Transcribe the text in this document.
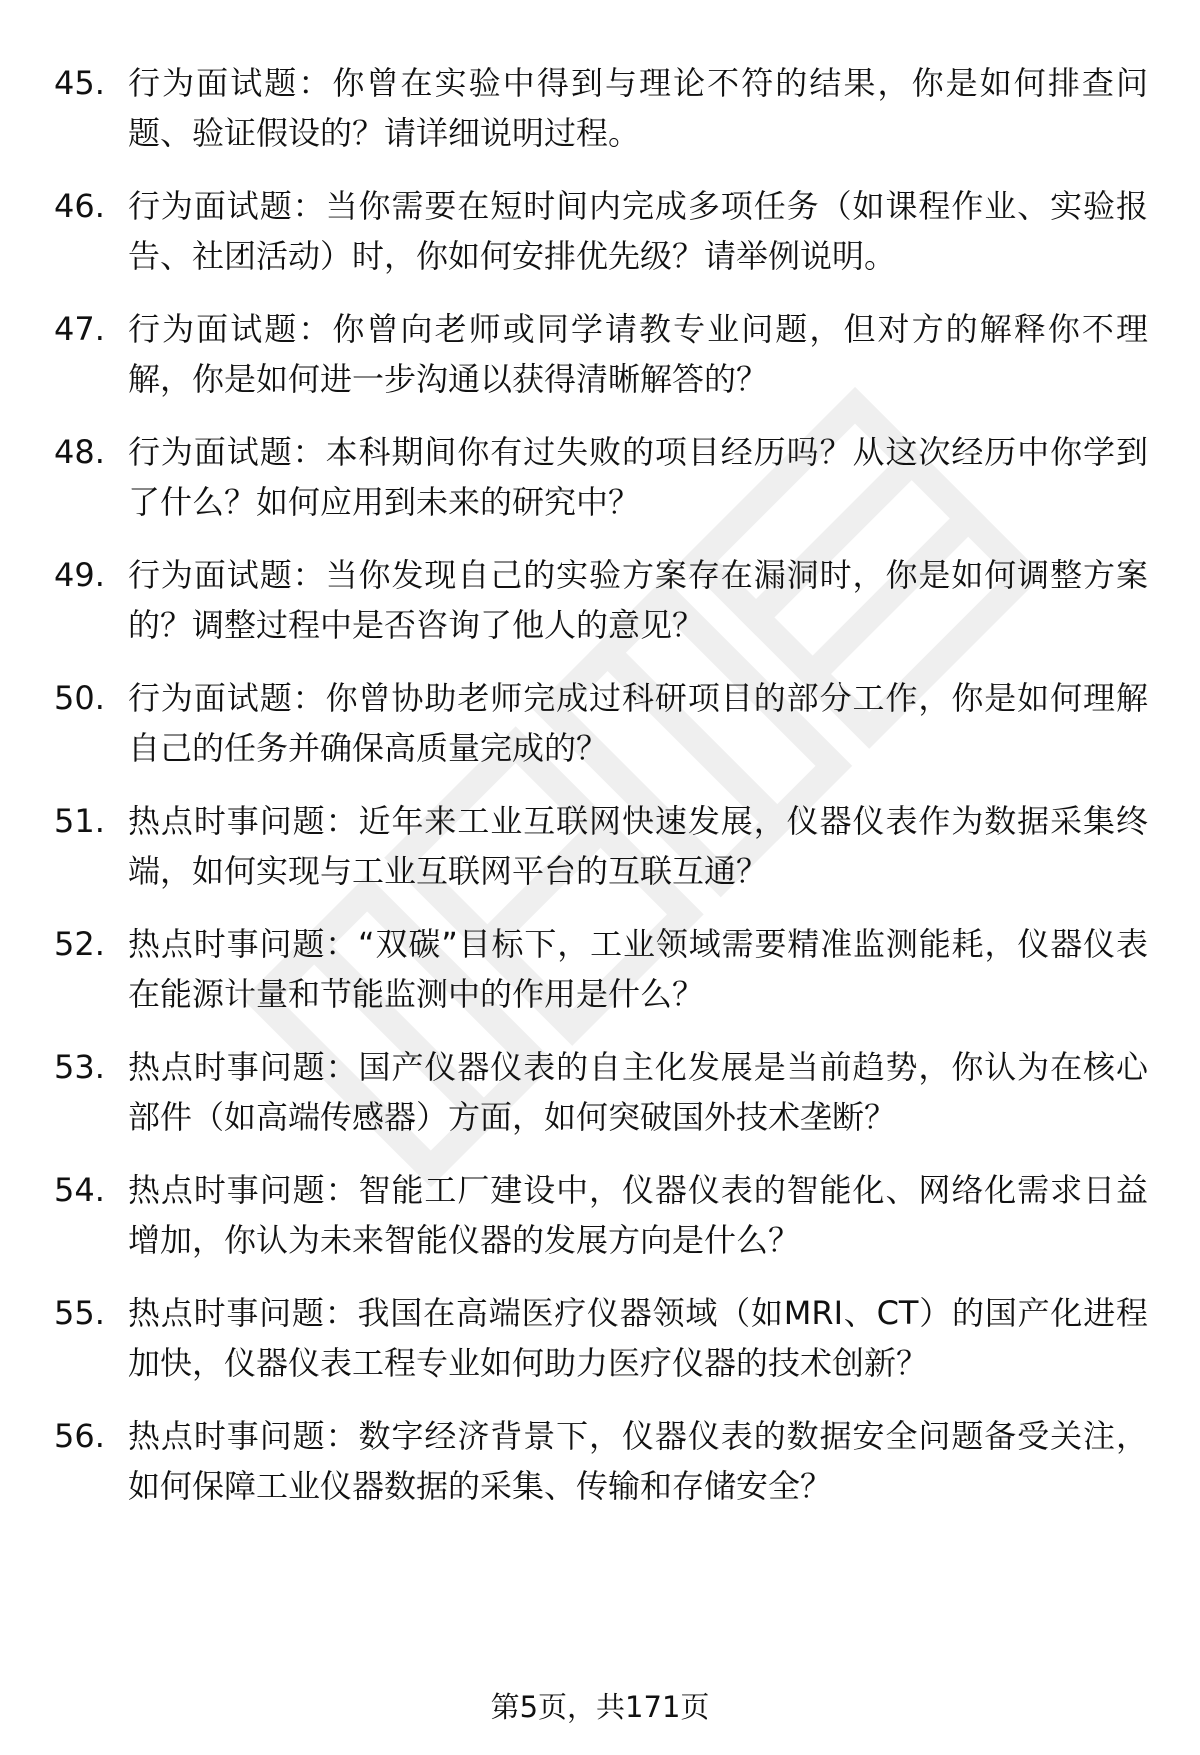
45. 行为面试题：你曾在实验中得到与理论不符的结果，你是如何排查问题、验证假设的？请详细说明过程。
46. 行为面试题：当你需要在短时间内完成多项任务（如课程作业、实验报告、社团活动）时，你如何安排优先级？请举例说明。
47. 行为面试题：你曾向老师或同学请教专业问题，但对方的解释你不理解，你是如何进一步沟通以获得清晰解答的？
48. 行为面试题：本科期间你有过失败的项目经历吗？从这次经历中你学到了什么？如何应用到未来的研究中？
49. 行为面试题：当你发现自己的实验方案存在漏洞时，你是如何调整方案的？调整过程中是否咨询了他人的意见？
50. 行为面试题：你曾协助老师完成过科研项目的部分工作，你是如何理解自己的任务并确保高质量完成的？
51. 热点时事问题：近年来工业互联网快速发展，仪器仪表作为数据采集终端，如何实现与工业互联网平台的互联互通？
52. 热点时事问题：“双碳”目标下，工业领域需要精准监测能耗，仪器仪表在能源计量和节能监测中的作用是什么？
53. 热点时事问题：国产仪器仪表的自主化发展是当前趋势，你认为在核心部件（如高端传感器）方面，如何突破国外技术垄断？
54. 热点时事问题：智能工厂建设中，仪器仪表的智能化、网络化需求日益增加，你认为未来智能仪器的发展方向是什么？
55. 热点时事问题：我国在高端医疗仪器领域（如MRI、CT）的国产化进程加快，仪器仪表工程专业如何助力医疗仪器的技术创新？
56. 热点时事问题：数字经济背景下，仪器仪表的数据安全问题备受关注，如何保障工业仪器数据的采集、传输和存储安全？
第5页，共171页
